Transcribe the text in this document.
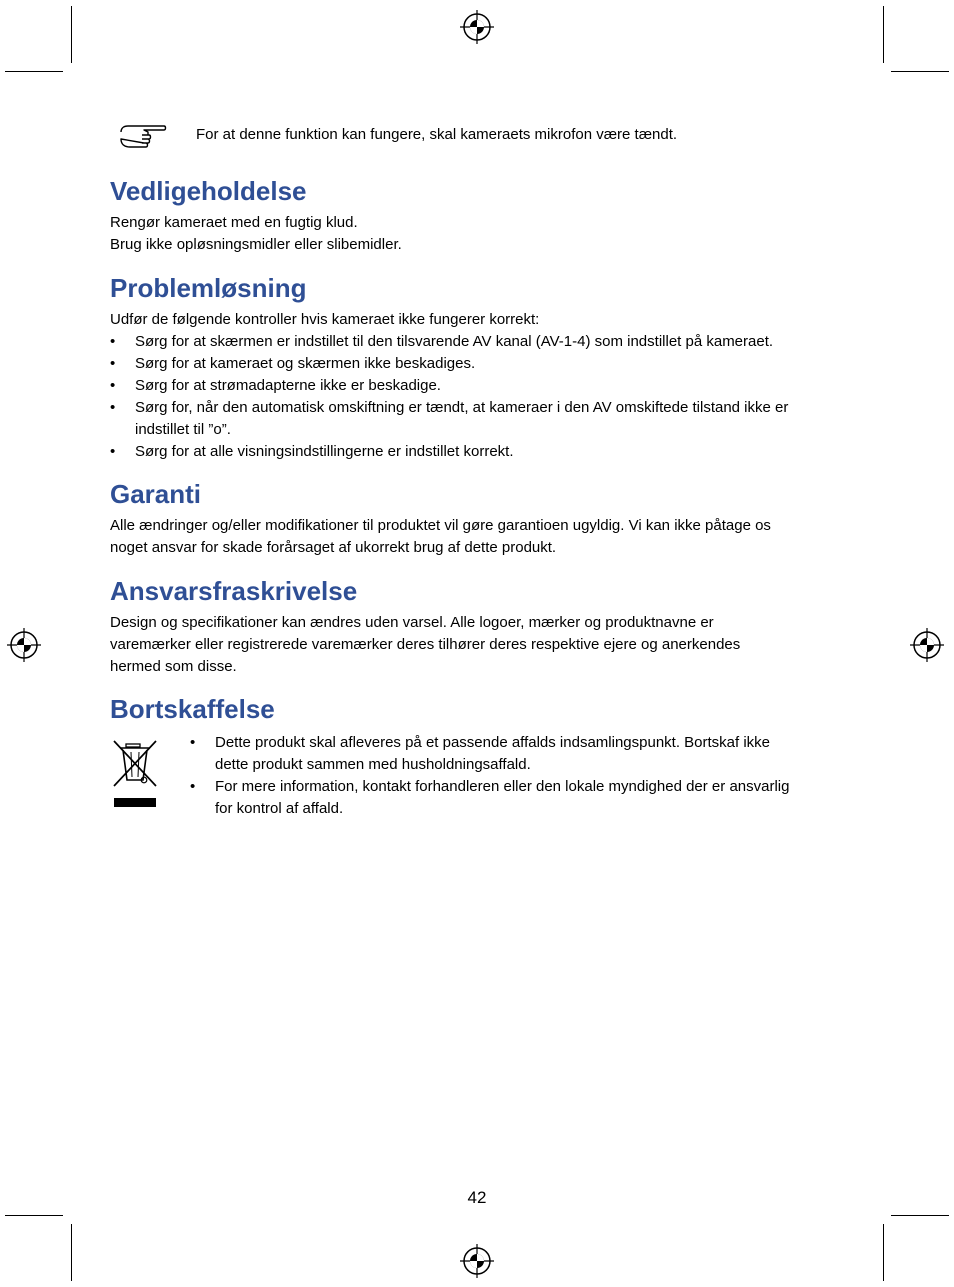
For at denne funktion kan fungere, skal kameraets mikrofon være tændt.

Vedligeholdelse

Rengør kameraet med en fugtig klud.

Brug ikke opløsningsmidler eller slibemidler.

Problemløsning

Udfør de følgende kontroller hvis kameraet ikke fungerer korrekt:

• Sørg for at skærmen er indstillet til den tilsvarende AV kanal (AV-1-4) som indstillet på kameraet.

• Sørg for at kameraet og skærmen ikke beskadiges.

• Sørg for at strømadapterne ikke er beskadige.

• Sørg for, når den automatisk omskiftning er tændt, at kameraer i den AV omskiftede tilstand ikke er

indstillet til ”o”.

• Sørg for at alle visningsindstillingerne er indstillet korrekt.

Garanti

Alle ændringer og/eller modifikationer til produktet vil gøre garantioen ugyldig. Vi kan ikke påtage os

noget ansvar for skade forårsaget af ukorrekt brug af dette produkt.

Ansvarsfraskrivelse

Design og specifikationer kan ændres uden varsel. Alle logoer, mærker og produktnavne er

varemærker eller registrerede varemærker deres tilhører deres respektive ejere og anerkendes

hermed som disse.

Bortskaffelse
• Dette produkt skal afleveres på et passende affalds indsamlingspunkt. Bortskaf ikke

dette produkt sammen med husholdningsaffald.

• For mere information, kontakt forhandleren eller den lokale myndighed der er ansvarlig

for kontrol af affald.

42
